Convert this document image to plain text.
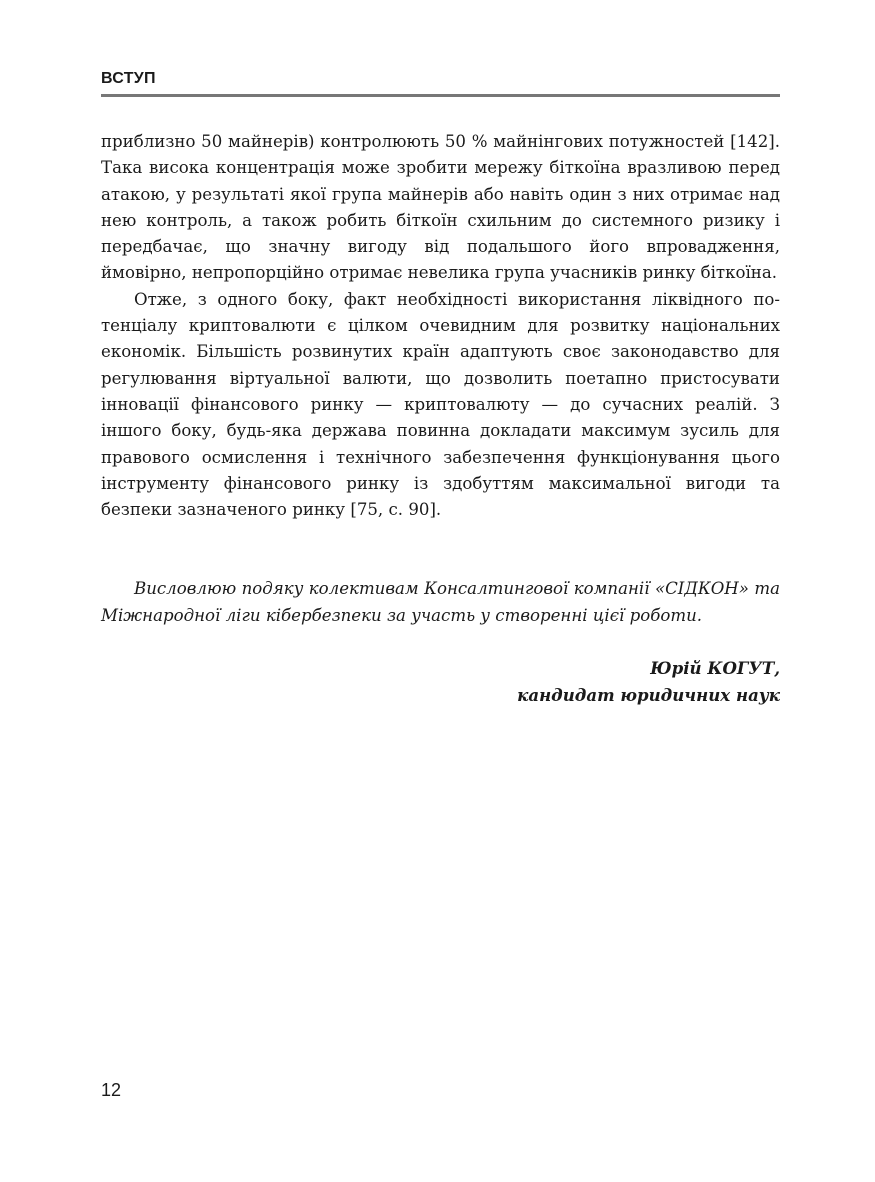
ВСТУП

приблизно 50 майнерів) контролюють 50 % майнінгових потужностей [142]. Така висока концентрація може зробити мережу біткоїна вразливою перед атакою, у результаті якої група майнерів або навіть один з них отримає над нею контроль, а також робить біткоїн схильним до системного ризику і передбачає, що значну вигоду від подальшого його впровадження, ймовірно, непропорційно отримає невелика група учасників ринку біткоїна.

Отже, з одного боку, факт необхідності використання ліквідного потенціалу криптовалюти є цілком очевидним для розвитку національних економік. Більшість розвинутих країн адаптують своє законодавство для регулювання віртуальної валюти, що дозволить поетапно пристосувати інновації фінансового ринку — криптовалюту — до сучасних реалій. З іншого боку, будь-яка держава повинна докладати максимум зусиль для правового осмислення і технічного забезпечення функціонування цього інструменту фінансового ринку із здобуттям максимальної вигоди та безпеки зазначеного ринку [75, с. 90].

Висловлюю подяку колективам Консалтингової компанії «СІДКОН» та Міжнародної ліги кібербезпеки за участь у створенні цієї роботи.

Юрій КОГУТ,
кандидат юридичних наук
12
